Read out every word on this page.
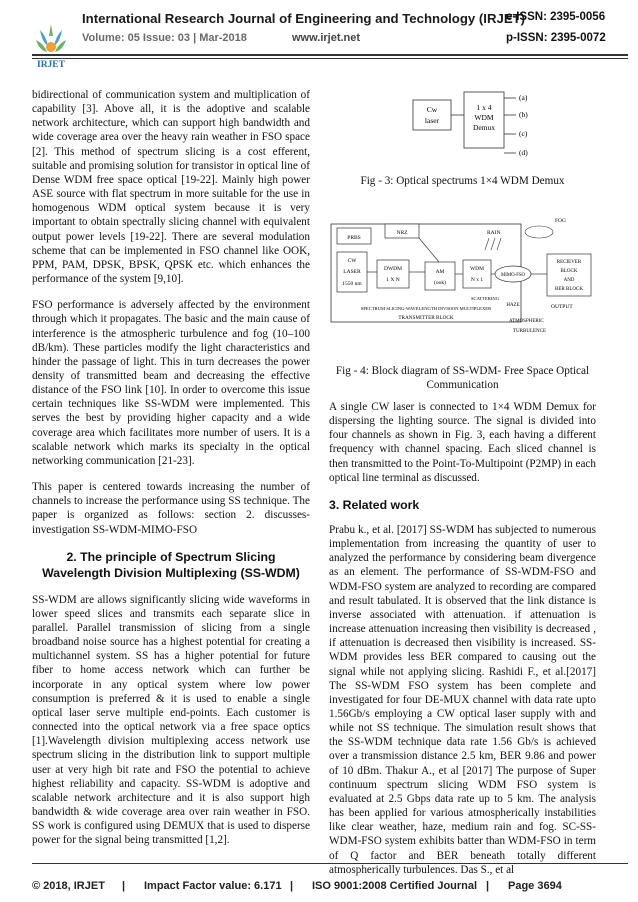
IRJET
International Research Journal of Engineering and Technology (IRJET)
e-ISSN: 2395-0056
Volume: 05 Issue: 03 | Mar-2018	www.irjet.net	p-ISSN: 2395-0072

bidirectional of communication system and multiplication of capability [3]. Above all, it is the adoptive and scalable network architecture, which can support high bandwidth and wide coverage area over the heavy rain weather in FSO space [2]. This method of spectrum slicing is a cost efferent, suitable and promising solution for transistor in optical line of Dense WDM free space optical [19-22]. Mainly high power ASE source with flat spectrum in more suitable for the use in homogenous WDM optical system because it is very important to obtain spectrally slicing channel with equivalent output power levels [19-22]. There are several modulation scheme that can be implemented in FSO channel like OOK, PPM, PAM, DPSK, BPSK, QPSK etc. which enhances the performance of the system [9,10].

FSO performance is adversely affected by the environment through which it propagates. The basic and the main cause of interference is the atmospheric turbulence and fog (10–100 dB/km). These particles modify the light characteristics and hinder the passage of light. This in turn decreases the power density of transmitted beam and decreasing the effective distance of the FSO link [10]. In order to overcome this issue certain techniques like SS-WDM were implemented. This serves the best by providing higher capacity and a wide coverage area which facilitates more number of users. It is a scalable network which marks its specialty in the optical networking communication [21-23].

This paper is centered towards increasing the number of channels to increase the performance using SS technique. The paper is organized as follows: section 2. discusses- investigation SS-WDM-MIMO-FSO

2. The principle of Spectrum Slicing Wavelength Division Multiplexing (SS-WDM)

SS-WDM are allows significantly slicing wide waveforms in lower speed slices and transmits each separate slice in parallel. Parallel transmission of slicing from a single broadband noise source has a highest potential for creating a multichannel system. SS has a higher potential for future fiber to home access network which can further be incorporate in any optical system where low power consumption is preferred & it is used to enable a single optical laser serve multiple end-points. Each customer is connected into the optical network via a free space optics [1].Wavelength division multiplexing access network use spectrum slicing in the distribution link to support multiple user at very high bit rate and FSO the potential to achieve highest reliability and capacity. SS-WDM is adoptive and scalable network architecture and it is also support high bandwidth & wide coverage area over rain weather in FSO. SS work is configured using DEMUX that is used to disperse power for the signal being transmitted [1,2].

Cw
laser
1 x 4
WDM
Demux
(a)
(b)
(c)
(d)
Fig - 3: Optical spectrums 1×4 WDM Demux
PRBS
NRZ
CW
LASER
1550 nm
DWDM
1 X N
AM
(ook)
WDM
N x 1
SPECTRUM SLICING-WAVELENGTH DIVISION MULTIPLEXER
TRANSMITTER BLOCK
RAIN
FOG
MIMO-FSO
RECIEVER
BLOCK
AND
BER BLOCK
OUTPUT
HAZE
SCATTERING
ATMOSPHERIC
TURBULENCE
Fig - 4: Block diagram of SS-WDM- Free Space Optical
Communication

A single CW laser is connected to 1×4 WDM Demux for dispersing the lighting source. The signal is divided into four channels as shown in Fig. 3, each having a different frequency with channel spacing. Each sliced channel is then transmitted to the Point-To-Multipoint (P2MP) in each optical line terminal as discussed.

3. Related work

Prabu k., et al. [2017] SS-WDM has subjected to numerous implementation from increasing the quantity of user to analyzed the performance by considering beam divergence as an element. The performance of SS-WDM-FSO and WDM-FSO system are analyzed to recording are compared and result tabulated. It is observed that the link distance is inverse associated with attenuation. if attenuation is increase attenuation increasing then visibility is decreased , if attenuation is decreased then visibility is increased. SS-WDM provides less BER compared to causing out the signal while not applying slicing. Rashidi F., et al.[2017] The SS-WDM FSO system has been complete and investigated for four DE-MUX channel with data rate upto 1.56Gb/s employing a CW optical laser supply with and while not SS technique. The simulation result shows that the SS-WDM technique data rate 1.56 Gb/s is achieved over a transmission distance 2.5 km, BER 9.86 and power of 10 dBm. Thakur A., et al [2017] The purpose of Super continuum spectrum slicing WDM FSO system is evaluated at 2.5 Gbps data rate up to 5 km. The analysis has been applied for various atmospherically instabilities like clear weather, haze, medium rain and fog. SC-SS-WDM-FSO system exhibits batter than WDM-FSO in term of Q factor and BER beneath totally different atmospherically turbulences. Das S., et al

© 2018, IRJET | Impact Factor value: 6.171 | ISO 9001:2008 Certified Journal | Page 3694
